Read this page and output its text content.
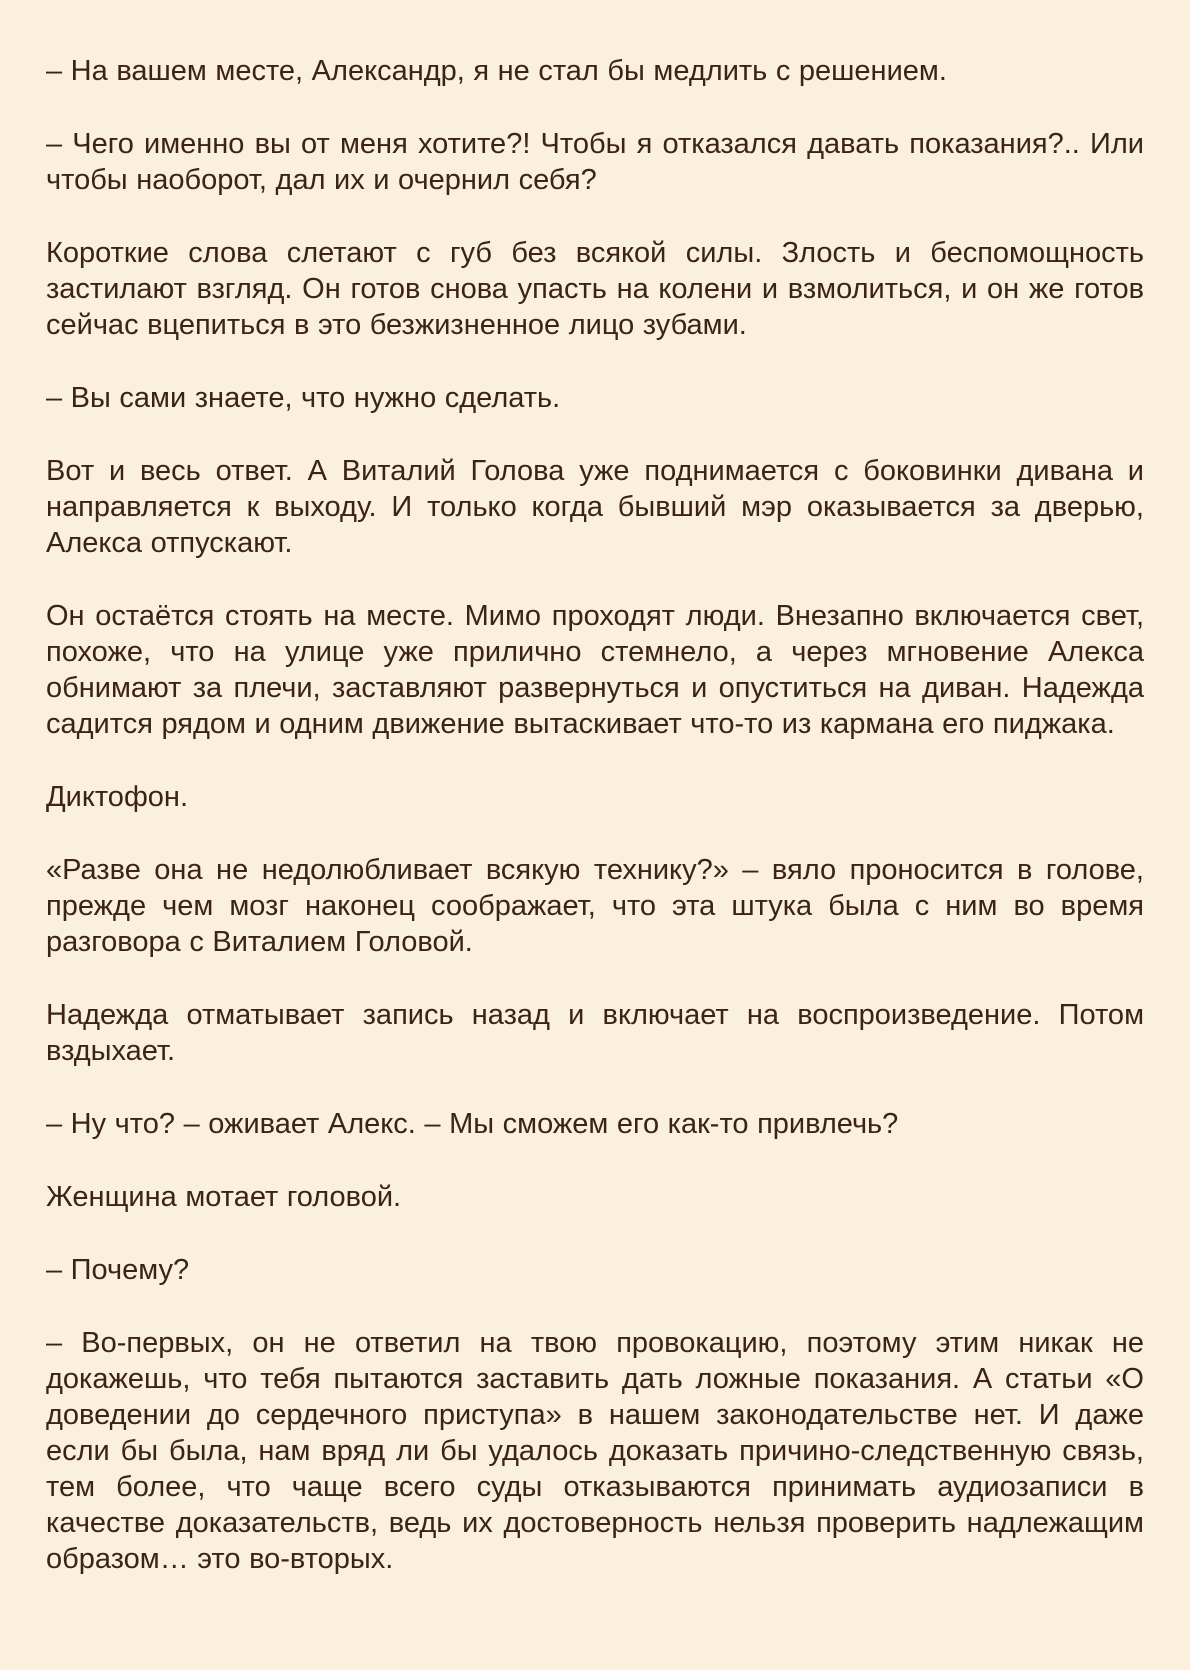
– На вашем месте, Александр, я не стал бы медлить с решением.

– Чего именно вы от меня хотите?! Чтобы я отказался давать показания?.. Или чтобы наоборот, дал их и очернил себя?

Короткие слова слетают с губ без всякой силы. Злость и беспомощность застилают взгляд. Он готов снова упасть на колени и взмолиться, и он же готов сейчас вцепиться в это безжизненное лицо зубами.

– Вы сами знаете, что нужно сделать.

Вот и весь ответ. А Виталий Голова уже поднимается с боковинки дивана и направляется к выходу. И только когда бывший мэр оказывается за дверью, Алекса отпускают.

Он остаётся стоять на месте. Мимо проходят люди. Внезапно включается свет, похоже, что на улице уже прилично стемнело, а через мгновение Алекса обнимают за плечи, заставляют развернуться и опуститься на диван. Надежда садится рядом и одним движение вытаскивает что-то из кармана его пиджака.

Диктофон.

«Разве она не недолюбливает всякую технику?» – вяло проносится в голове, прежде чем мозг наконец соображает, что эта штука была с ним во время разговора с Виталием Головой.

Надежда отматывает запись назад и включает на воспроизведение. Потом вздыхает.

– Ну что? – оживает Алекс. – Мы сможем его как-то привлечь?

Женщина мотает головой.

– Почему?

– Во-первых, он не ответил на твою провокацию, поэтому этим никак не докажешь, что тебя пытаются заставить дать ложные показания. А статьи «О доведении до сердечного приступа» в нашем законодательстве нет. И даже если бы была, нам вряд ли бы удалось доказать причино-следственную связь, тем более, что чаще всего суды отказываются принимать аудиозаписи в качестве доказательств, ведь их достоверность нельзя проверить надлежащим образом… это во-вторых.
